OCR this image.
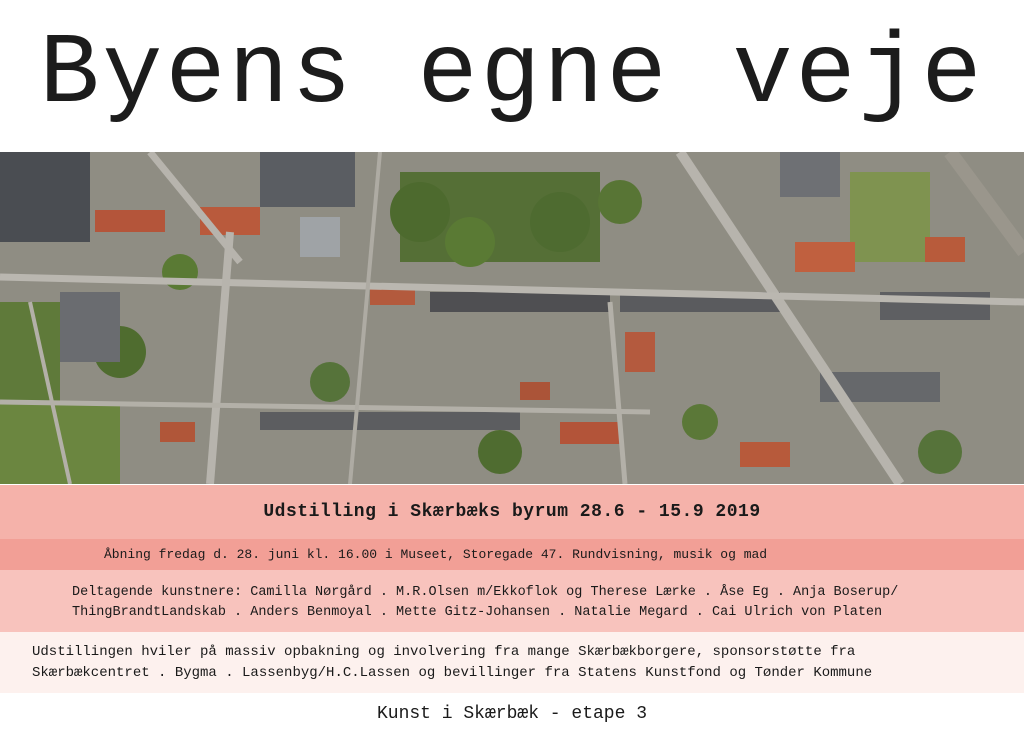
Byens egne veje
Udstilling i Skærbæks byrum 28.6 - 15.9 2019
Åbning fredag d. 28. juni kl. 16.00 i Museet, Storegade 47. Rundvisning, musik og mad
Deltagende kunstnere: Camilla Nørgård . M.R.Olsen m/Ekkoflok og Therese Lærke . Åse Eg . Anja Boserup/
ThingBrandtLandskab . Anders Benmoyal . Mette Gitz-Johansen . Natalie Megard . Cai Ulrich von Platen
Udstillingen hviler på massiv opbakning og involvering fra mange Skærbækborgere, sponsorstøtte fra
Skærbækcentret . Bygma . Lassenbyg/H.C.Lassen og bevillinger fra Statens Kunstfond og Tønder Kommune
Kunst i Skærbæk - etape 3
